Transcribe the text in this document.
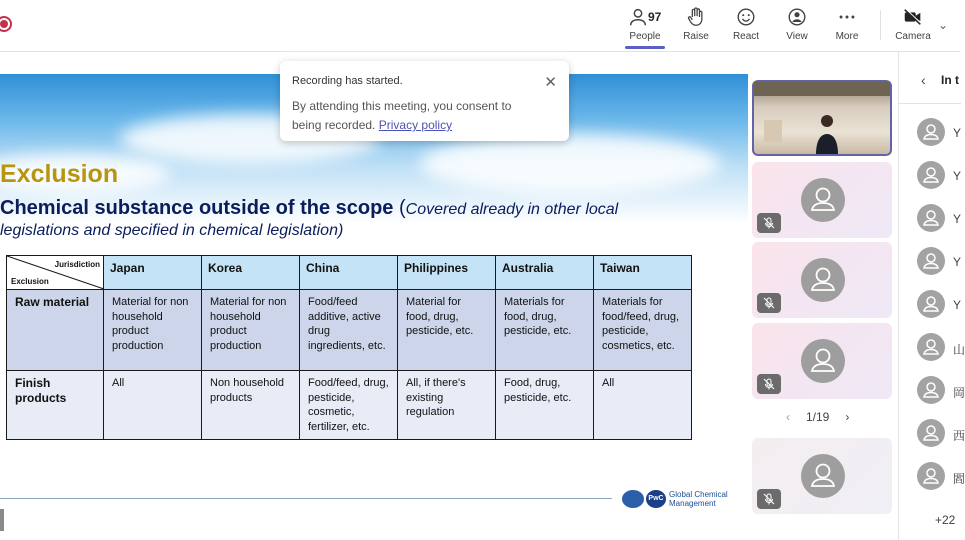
People
97
Raise React	View	More	Camera
⌄
Exclusion
Chemical substance outside of the scope (Covered already in other local
legislations and specified in chemical legislation)
Jurisdiction
Exclusion	Japan	Korea	China	Philippines	Australia	Taiwan
Raw material	Material for non household product production	Material for non household product production	Food/feed additive, active drug ingredients, etc.	Material for food, drug, pesticide, etc.	Materials for food, drug, pesticide, etc.	Materials for food/feed, drug, pesticide, cosmetics, etc.
Finish products	All	Non household products	Food/feed, drug, pesticide, cosmetic, fertilizer, etc.	All, if there's existing regulation	Food, drug, pesticide, etc.	All
PwC Global Chemical Management
Recording has started.
By attending this meeting, you consent to being recorded. Privacy policy
✕
‹ 1/19 ›
‹ In t
Y
Y
Y
Y
Y
山
岡
西
閻
+22
